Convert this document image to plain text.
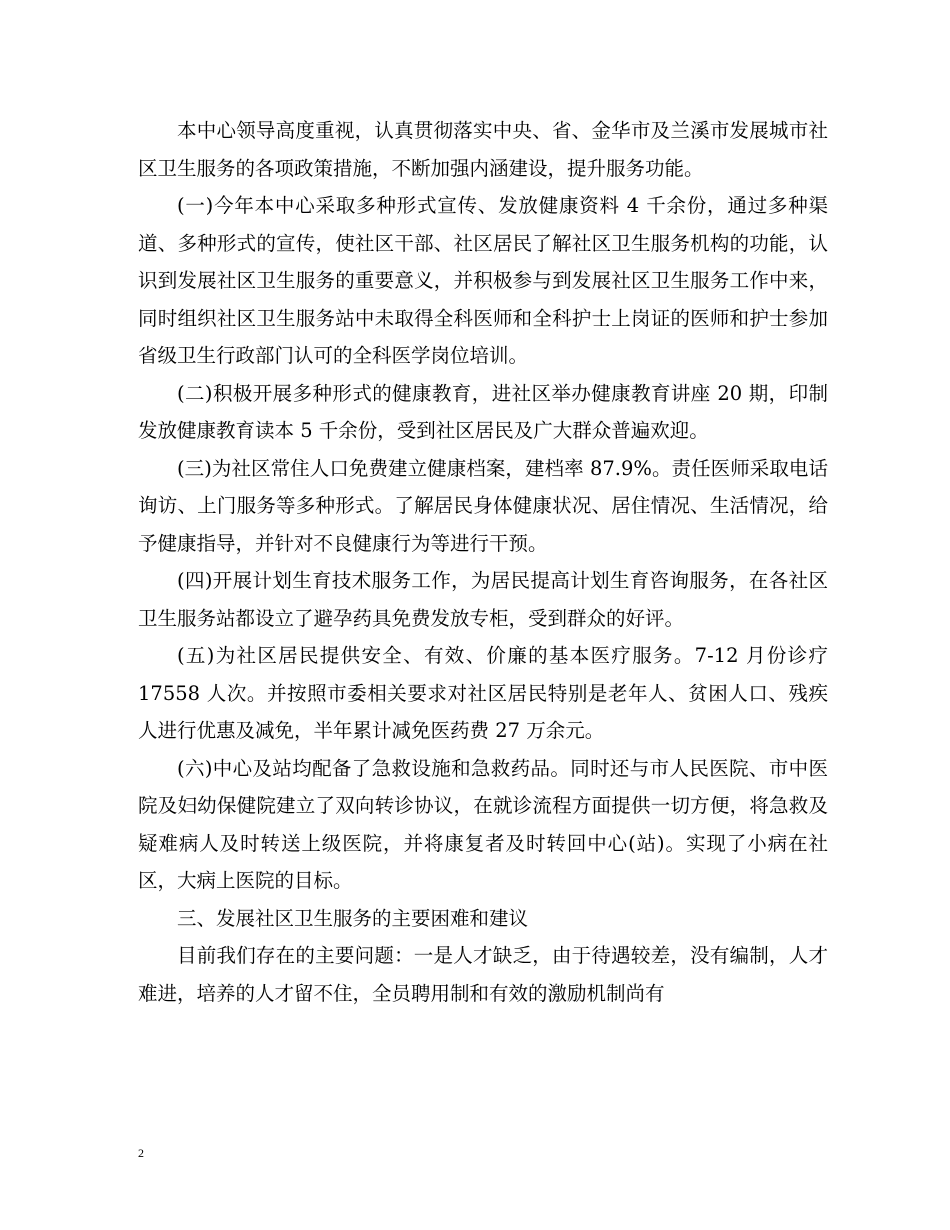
本中心领导高度重视，认真贯彻落实中央、省、金华市及兰溪市发展城市社区卫生服务的各项政策措施，不断加强内涵建设，提升服务功能。

(一)今年本中心采取多种形式宣传、发放健康资料 4 千余份，通过多种渠道、多种形式的宣传，使社区干部、社区居民了解社区卫生服务机构的功能，认识到发展社区卫生服务的重要意义，并积极参与到发展社区卫生服务工作中来，同时组织社区卫生服务站中未取得全科医师和全科护士上岗证的医师和护士参加省级卫生行政部门认可的全科医学岗位培训。

(二)积极开展多种形式的健康教育，进社区举办健康教育讲座 20 期，印制发放健康教育读本 5 千余份，受到社区居民及广大群众普遍欢迎。

(三)为社区常住人口免费建立健康档案，建档率 87.9%。责任医师采取电话询访、上门服务等多种形式。了解居民身体健康状况、居住情况、生活情况，给予健康指导，并针对不良健康行为等进行干预。

(四)开展计划生育技术服务工作，为居民提高计划生育咨询服务，在各社区卫生服务站都设立了避孕药具免费发放专柜，受到群众的好评。

(五)为社区居民提供安全、有效、价廉的基本医疗服务。7-12 月份诊疗 17558 人次。并按照市委相关要求对社区居民特别是老年人、贫困人口、残疾人进行优惠及减免，半年累计减免医药费 27 万余元。

(六)中心及站均配备了急救设施和急救药品。同时还与市人民医院、市中医院及妇幼保健院建立了双向转诊协议，在就诊流程方面提供一切方便，将急救及疑难病人及时转送上级医院，并将康复者及时转回中心(站)。实现了小病在社区，大病上医院的目标。

三、发展社区卫生服务的主要困难和建议

目前我们存在的主要问题：一是人才缺乏，由于待遇较差，没有编制，人才难进，培养的人才留不住，全员聘用制和有效的激励机制尚有

2
